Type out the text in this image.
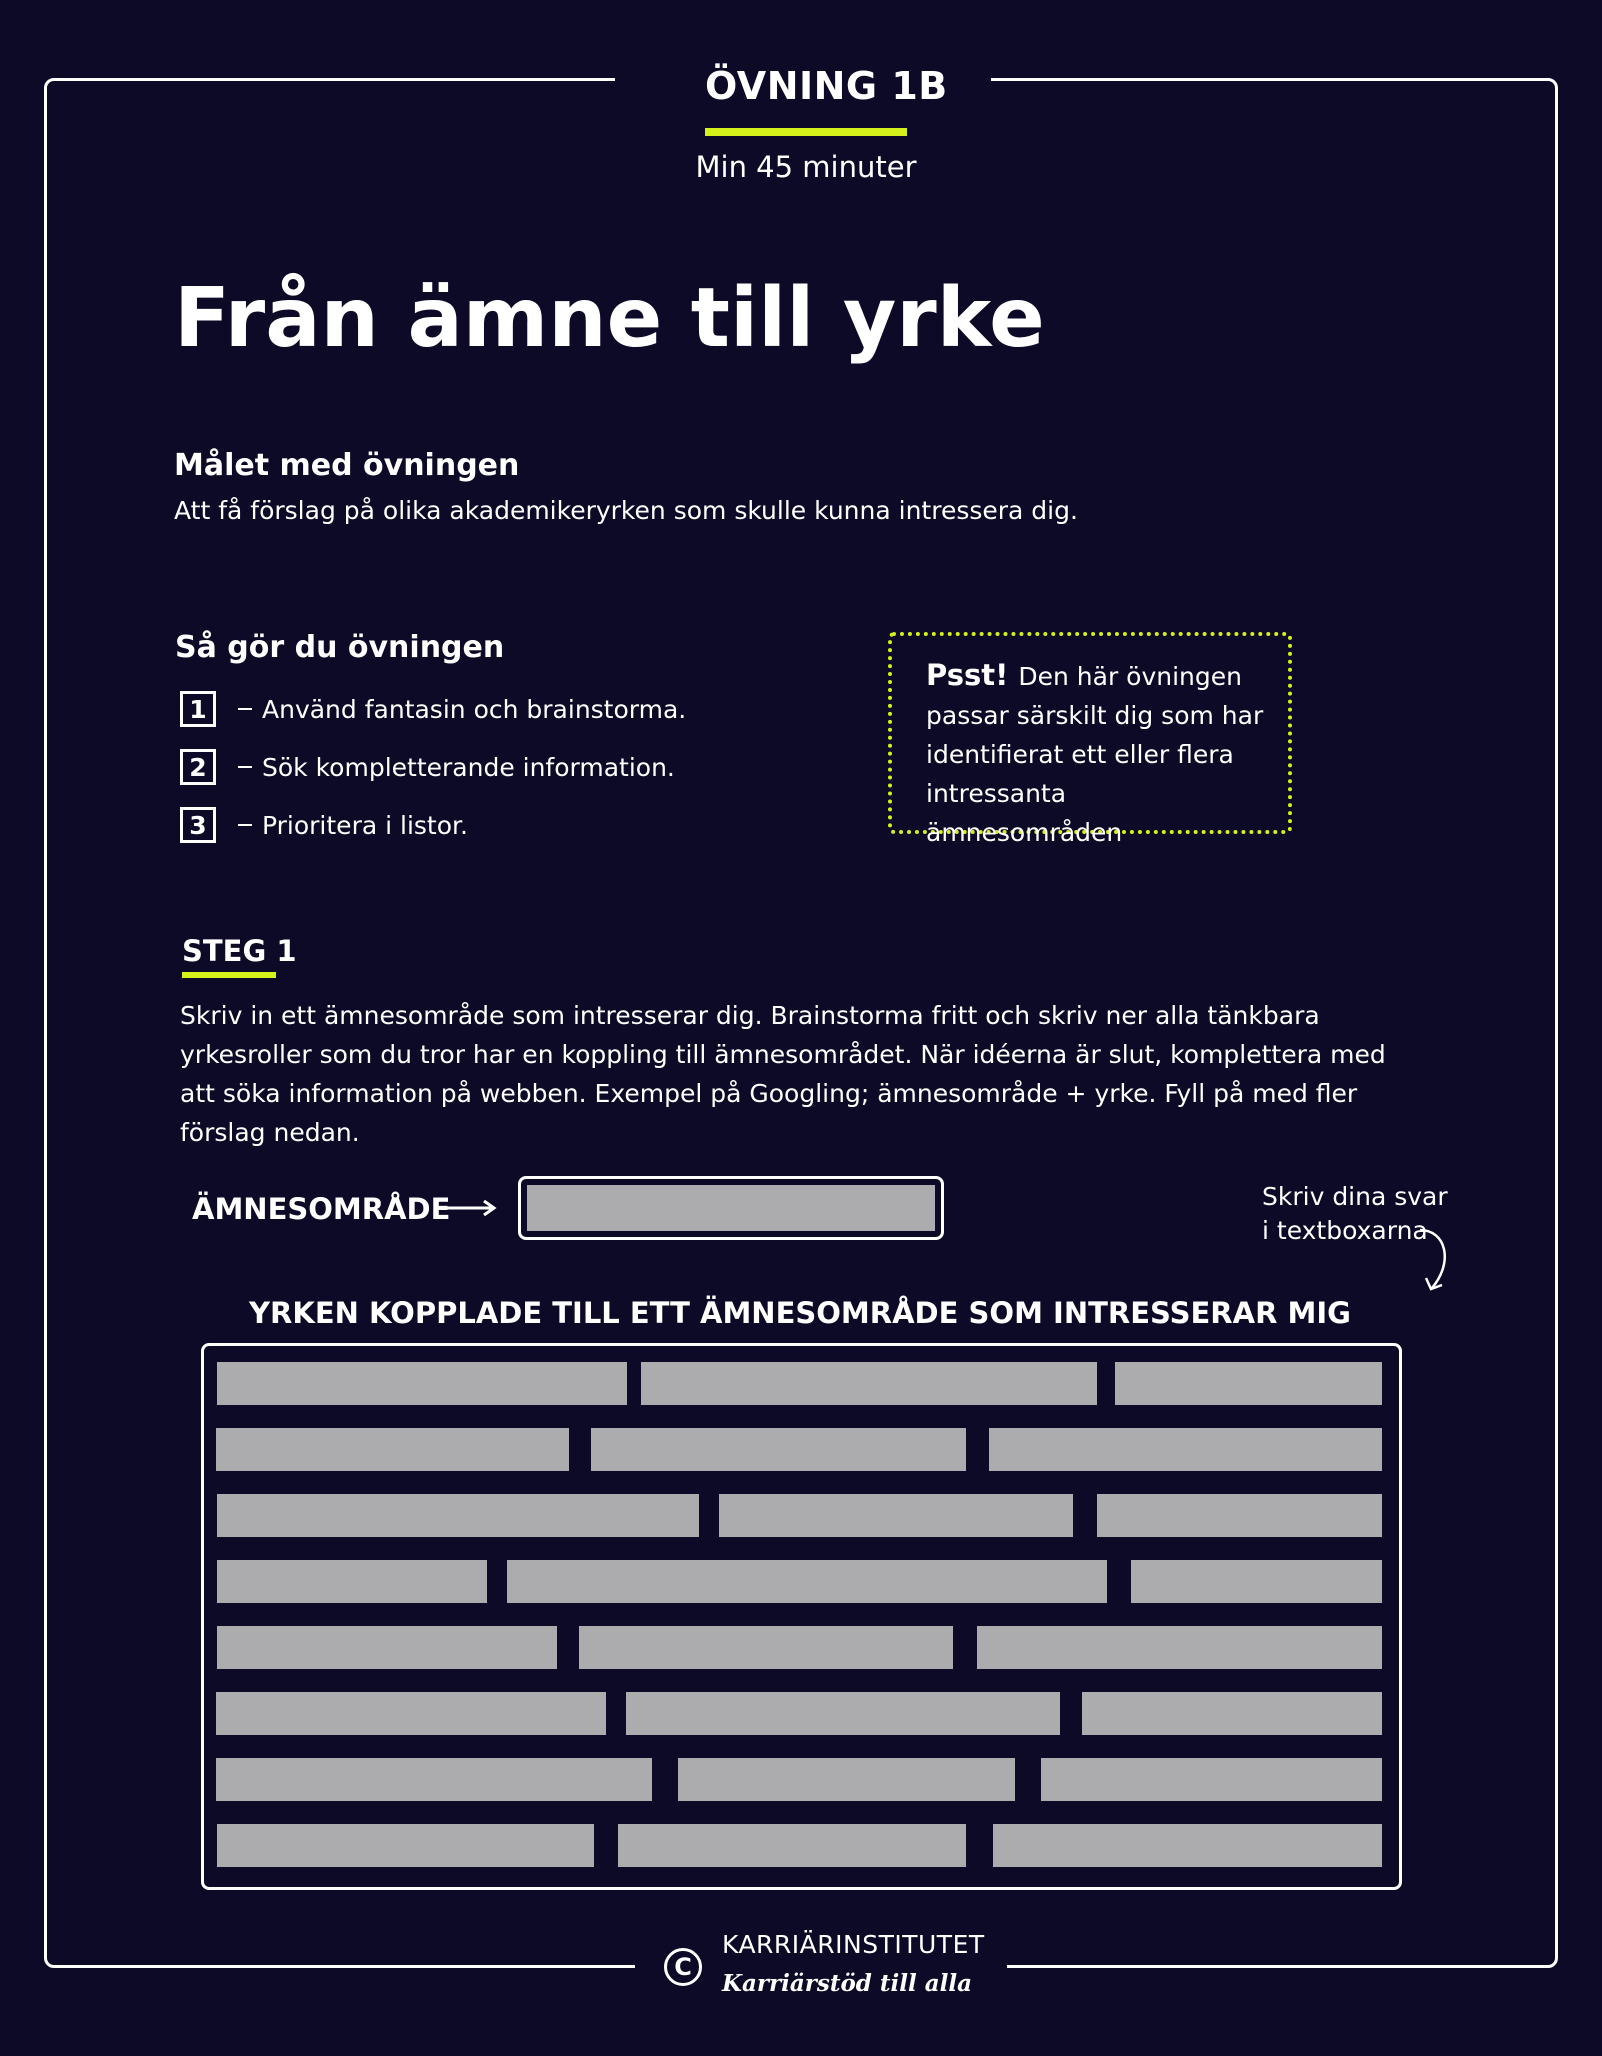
ÖVNING 1B
Min 45 minuter
Från ämne till yrke
Målet med övningen
Att få förslag på olika akademikeryrken som skulle kunna intressera dig.
Så gör du övningen
1	Använd fantasin och brainstorma.
2	Sök kompletterande information.
3	Prioritera i listor.
Psst! Den här övningen passar särskilt dig som har identifierat ett eller flera intressanta ämnesområden
STEG 1
Skriv in ett ämnesområde som intresserar dig. Brainstorma fritt och skriv ner alla tänkbara yrkesroller som du tror har en koppling till ämnesområdet. När idéerna är slut, komplettera med att söka information på webben. Exempel på Googling; ämnesområde + yrke. Fyll på med fler förslag nedan.
ÄMNESOMRÅDE	Skriv dina svar
i textboxarna
YRKEN KOPPLADE TILL ETT ÄMNESOMRÅDE SOM INTRESSERAR MIG
C
KARRIÄRINSTITUTET
Karriärstöd till alla
